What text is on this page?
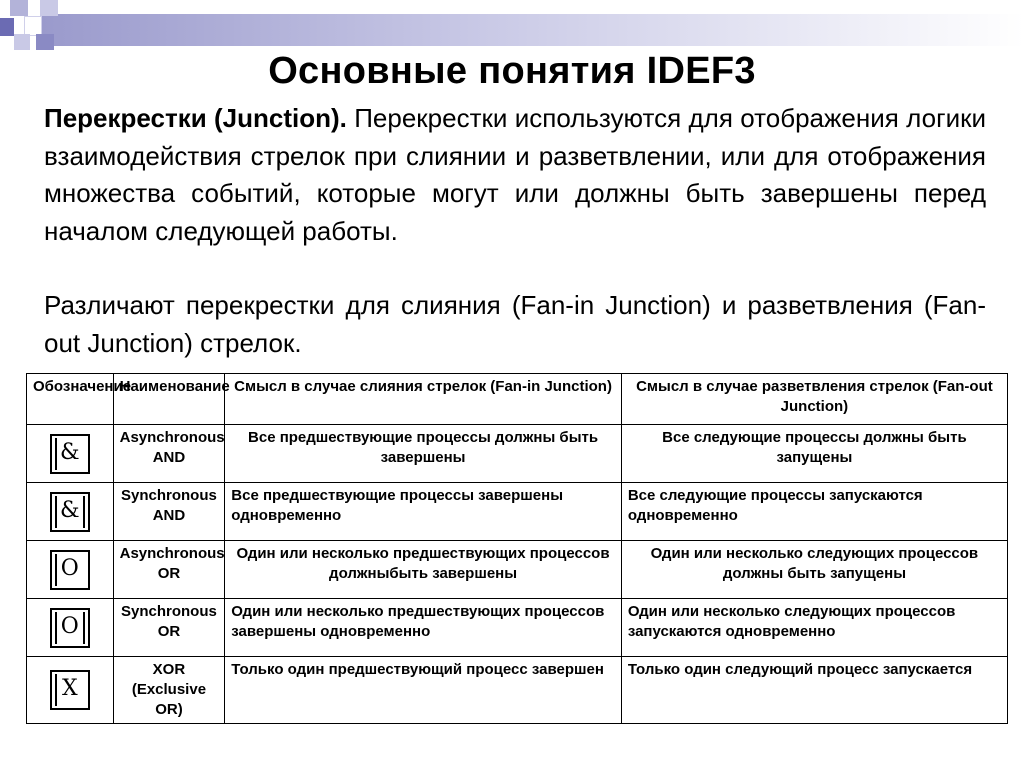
Основные понятия IDEF3
Перекрестки (Junction). Перекрестки используются для отображения логики взаимодействия стрелок при слиянии и разветвлении, или для отображения множества событий, которые могут или должны быть завершены перед началом следующей работы.
Различают перекрестки для слияния (Fan-in Junction) и разветвления (Fan-out Junction) стрелок.
Обозначение	Наименование	Смысл в случае слияния стрелок (Fan-in Junction)	Смысл в случае разветвления стрелок (Fan-out Junction)

&	Asynchronous AND	Все предшествующие процессы должны быть завершены	Все следующие процессы должны быть запущены

&	Synchronous AND	Все предшествующие процессы завершены одновременно	Все следующие процессы запускаются одновременно

O	Asynchronous OR	Один или несколько предшествующих процессов должныбыть завершены	Один или несколько следующих процессов должны быть запущены

O	Synchronous OR	Один или несколько предшествующих процессов завершены одновременно	Один или несколько следующих процессов запускаются одновременно

X	XOR (Exclusive OR)	Только один предшествующий процесс завершен	Только один следующий процесс запускается
